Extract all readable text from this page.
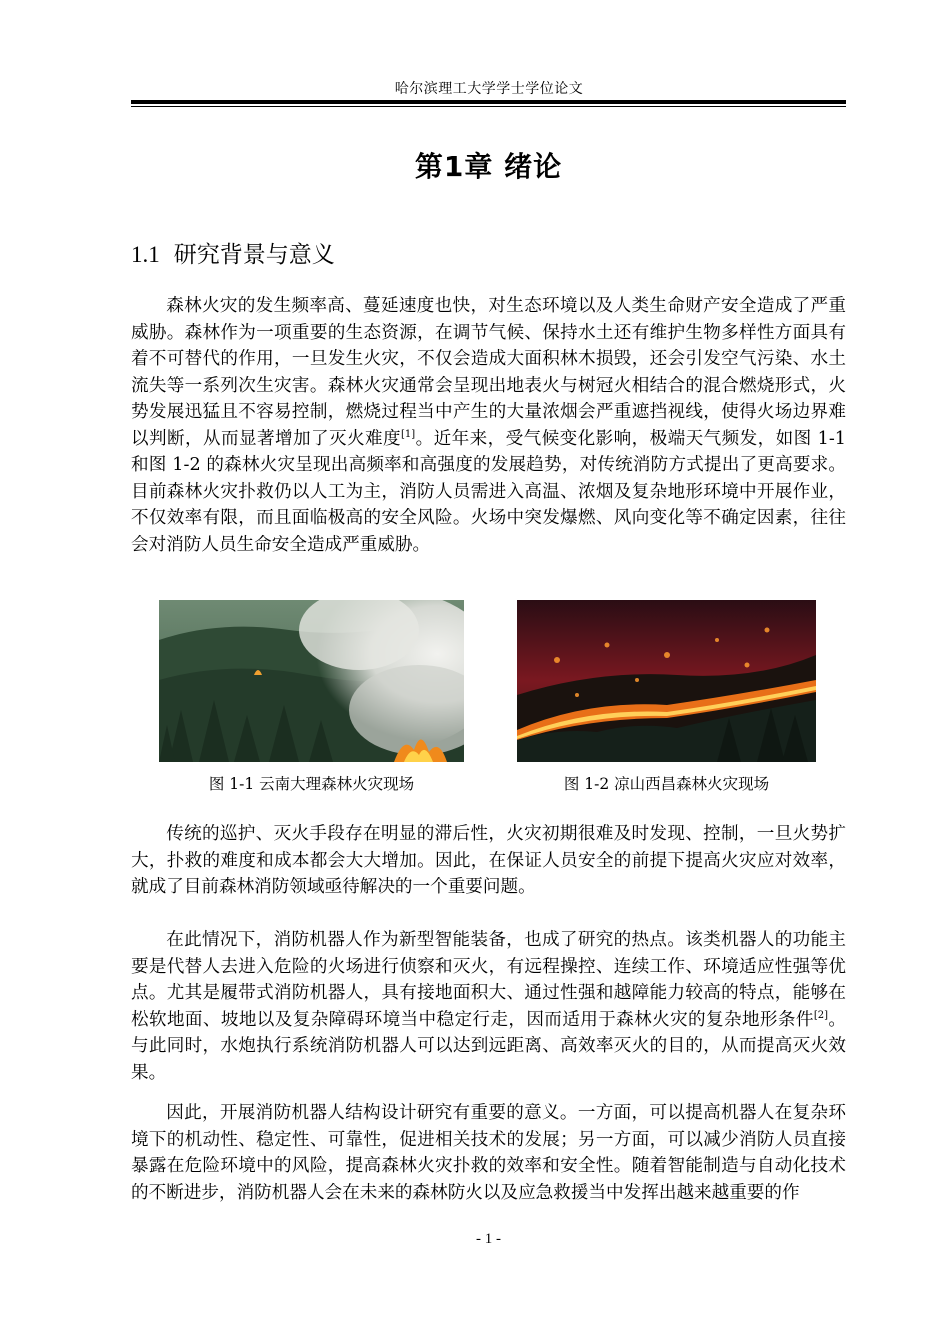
哈尔滨理工大学学士学位论文
第1章 绪论
1.1 研究背景与意义

森林火灾的发生频率高、蔓延速度也快，对生态环境以及人类生命财产安全造成了严重威胁。森林作为一项重要的生态资源，在调节气候、保持水土还有维护生物多样性方面具有着不可替代的作用，一旦发生火灾，不仅会造成大面积林木损毁，还会引发空气污染、水土流失等一系列次生灾害。森林火灾通常会呈现出地表火与树冠火相结合的混合燃烧形式，火势发展迅猛且不容易控制，燃烧过程当中产生的大量浓烟会严重遮挡视线，使得火场边界难以判断，从而显著增加了灭火难度[1]。近年来，受气候变化影响，极端天气频发，如图 1-1 和图 1-2 的森林火灾呈现出高频率和高强度的发展趋势，对传统消防方式提出了更高要求。目前森林火灾扑救仍以人工为主，消防人员需进入高温、浓烟及复杂地形环境中开展作业，不仅效率有限，而且面临极高的安全风险。火场中突发爆燃、风向变化等不确定因素，往往会对消防人员生命安全造成严重威胁。

图 1-1 云南大理森林火灾现场	图 1-2 凉山西昌森林火灾现场

传统的巡护、灭火手段存在明显的滞后性，火灾初期很难及时发现、控制，一旦火势扩大，扑救的难度和成本都会大大增加。因此，在保证人员安全的前提下提高火灾应对效率，就成了目前森林消防领域亟待解决的一个重要问题。

在此情况下，消防机器人作为新型智能装备，也成了研究的热点。该类机器人的功能主要是代替人去进入危险的火场进行侦察和灭火，有远程操控、连续工作、环境适应性强等优点。尤其是履带式消防机器人，具有接地面积大、通过性强和越障能力较高的特点，能够在松软地面、坡地以及复杂障碍环境当中稳定行走，因而适用于森林火灾的复杂地形条件[2]。与此同时，水炮执行系统消防机器人可以达到远距离、高效率灭火的目的，从而提高灭火效果。

因此，开展消防机器人结构设计研究有重要的意义。一方面，可以提高机器人在复杂环境下的机动性、稳定性、可靠性，促进相关技术的发展；另一方面，可以减少消防人员直接暴露在危险环境中的风险，提高森林火灾扑救的效率和安全性。随着智能制造与自动化技术的不断进步，消防机器人会在未来的森林防火以及应急救援当中发挥出越来越重要的作

- 1 -
